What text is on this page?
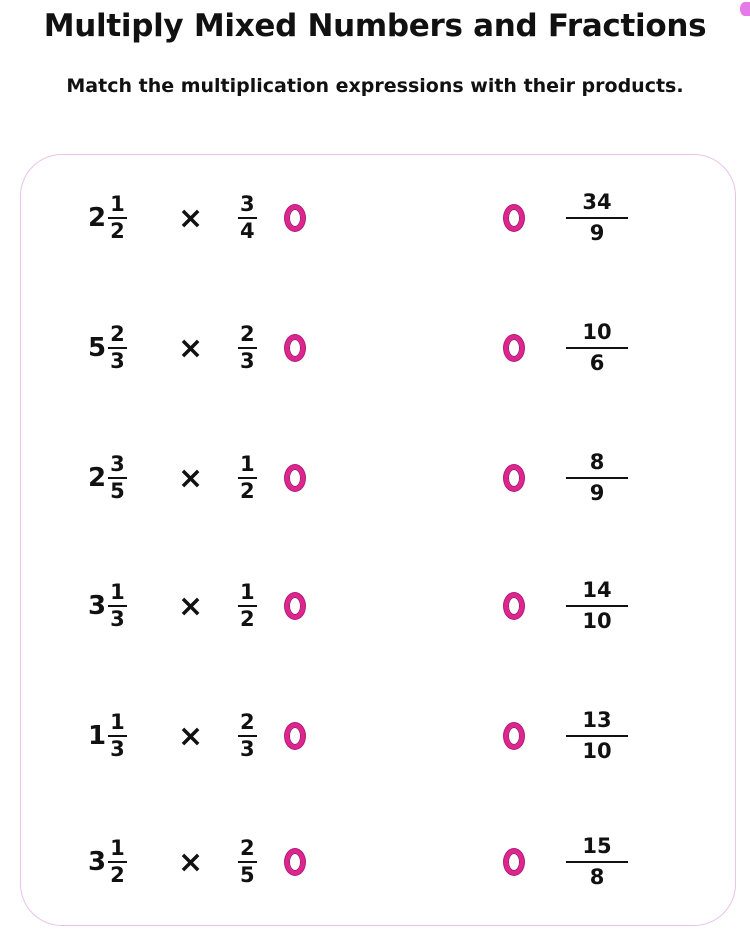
Multiply Mixed Numbers and Fractions
Match the multiplication expressions with their products.
$2 \frac{1}{2} \times \frac{3}{4}$	$\frac{34}{9}$
$5 \frac{2}{3} \times \frac{2}{3}$	$\frac{10}{6}$
$2 \frac{3}{5} \times \frac{1}{2}$	$\frac{8}{9}$
$3 \frac{1}{3} \times \frac{1}{2}$	$\frac{14}{10}$
$1 \frac{1}{3} \times \frac{2}{3}$	$\frac{13}{10}$
$3 \frac{1}{2} \times \frac{2}{5}$	$\frac{15}{8}$
